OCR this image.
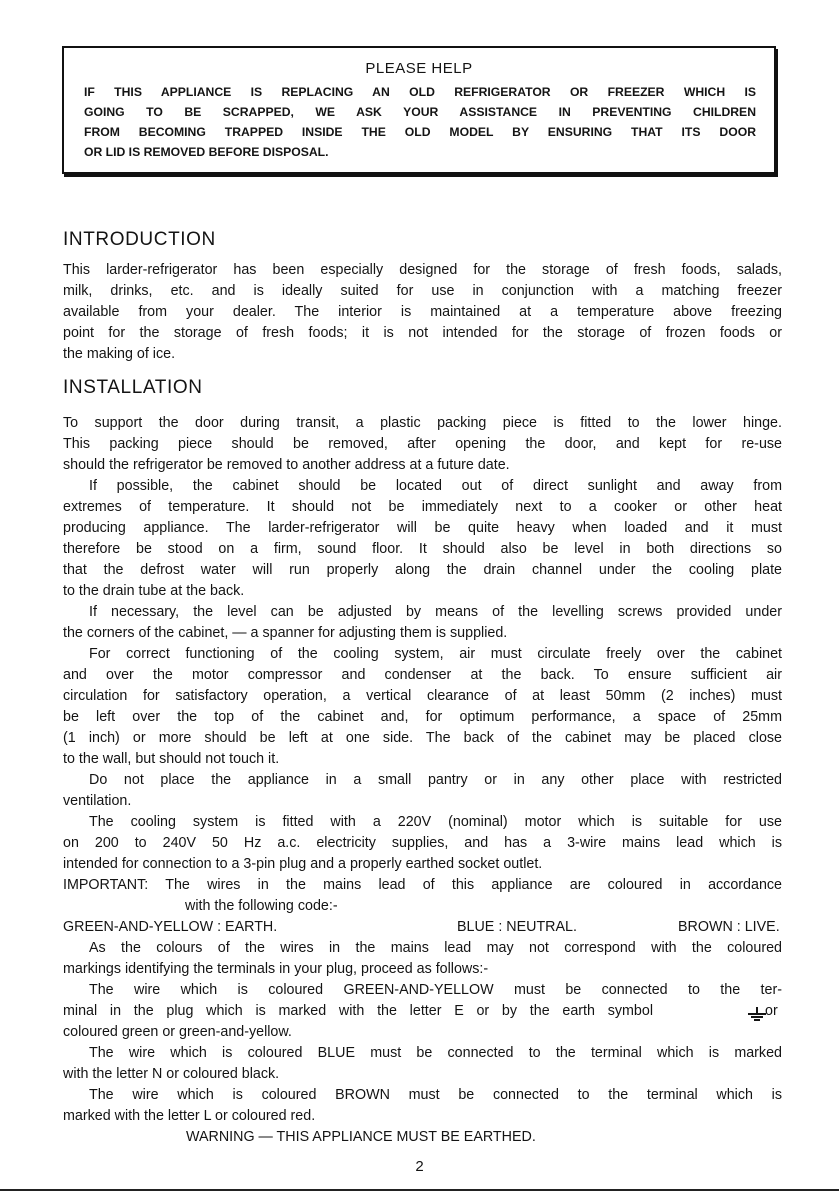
PLEASE HELP
IF THIS APPLIANCE IS REPLACING AN OLD REFRIGERATOR OR FREEZER WHICH IS
GOING TO BE SCRAPPED, WE ASK YOUR ASSISTANCE IN PREVENTING CHILDREN
FROM BECOMING TRAPPED INSIDE THE OLD MODEL BY ENSURING THAT ITS DOOR
OR LID IS REMOVED BEFORE DISPOSAL.
INTRODUCTION
This larder-refrigerator has been especially designed for the storage of fresh foods, salads,
milk, drinks, etc. and is ideally suited for use in conjunction with a matching freezer
available from your dealer. The interior is maintained at a temperature above freezing
point for the storage of fresh foods; it is not intended for the storage of frozen foods or
the making of ice.
INSTALLATION
To support the door during transit, a plastic packing piece is fitted to the lower hinge.
This packing piece should be removed, after opening the door, and kept for re-use
should the refrigerator be removed to another address at a future date.
If possible, the cabinet should be located out of direct sunlight and away from
extremes of temperature. It should not be immediately next to a cooker or other heat
producing appliance. The larder-refrigerator will be quite heavy when loaded and it must
therefore be stood on a firm, sound floor. It should also be level in both directions so
that the defrost water will run properly along the drain channel under the cooling plate
to the drain tube at the back.
If necessary, the level can be adjusted by means of the levelling screws provided under
the corners of the cabinet, — a spanner for adjusting them is supplied.
For correct functioning of the cooling system, air must circulate freely over the cabinet
and over the motor compressor and condenser at the back. To ensure sufficient air
circulation for satisfactory operation, a vertical clearance of at least 50mm (2 inches) must
be left over the top of the cabinet and, for optimum performance, a space of 25mm
(1 inch) or more should be left at one side. The back of the cabinet may be placed close
to the wall, but should not touch it.
Do not place the appliance in a small pantry or in any other place with restricted
ventilation.
The cooling system is fitted with a 220V (nominal) motor which is suitable for use
on 200 to 240V 50 Hz a.c. electricity supplies, and has a 3-wire mains lead which is
intended for connection to a 3-pin plug and a properly earthed socket outlet.
IMPORTANT: The wires in the mains lead of this appliance are coloured in accordance
with the following code:-
GREEN-AND-YELLOW : EARTH.	BLUE : NEUTRAL.	BROWN : LIVE.
As the colours of the wires in the mains lead may not correspond with the coloured
markings identifying the terminals in your plug, proceed as follows:-
The wire which is coloured GREEN-AND-YELLOW must be connected to the ter-
minal in the plug which is marked with the letter E or by the earth symbol	or
coloured green or green-and-yellow.
The wire which is coloured BLUE must be connected to the terminal which is marked
with the letter N or coloured black.
The wire which is coloured BROWN must be connected to the terminal which is
marked with the letter L or coloured red.
WARNING — THIS APPLIANCE MUST BE EARTHED.
2
